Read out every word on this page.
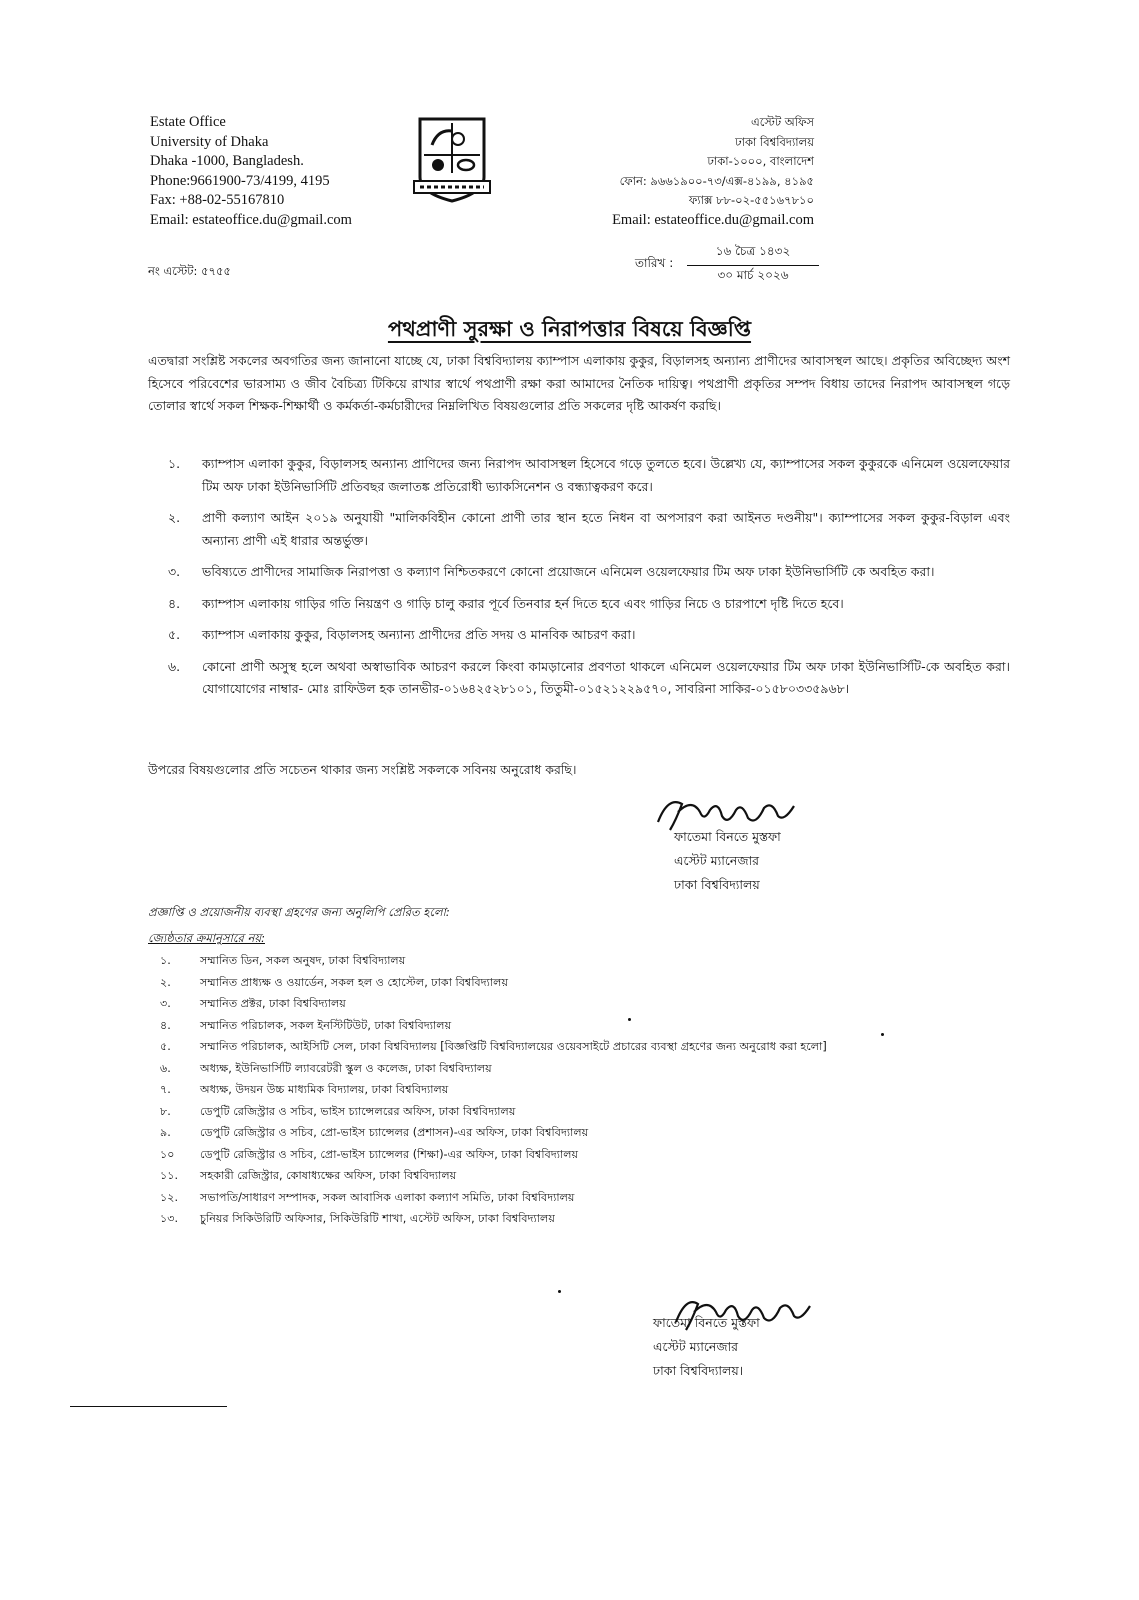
Estate Office
University of Dhaka
Dhaka -1000, Bangladesh.
Phone:9661900-73/4199, 4195
Fax: +88-02-55167810
Email: estateoffice.du@gmail.com
এস্টেট অফিস
ঢাকা বিশ্ববিদ্যালয়
ঢাকা-১০০০, বাংলাদেশ
ফোন: ৯৬৬১৯০০-৭৩/এক্স-৪১৯৯, ৪১৯৫
ফ্যাক্স ৮৮-০২-৫৫১৬৭৮১০
Email: estateoffice.du@gmail.com
নং এস্টেট: ৫৭৫৫
তারিখ :
১৬ চৈত্র ১৪৩২
৩০ মার্চ ২০২৬
পথপ্রাণী সুরক্ষা ও নিরাপত্তার বিষয়ে বিজ্ঞপ্তি
এতদ্বারা সংশ্লিষ্ট সকলের অবগতির জন্য জানানো যাচ্ছে যে, ঢাকা বিশ্ববিদ্যালয় ক্যাম্পাস এলাকায় কুকুর, বিড়ালসহ অন্যান্য প্রাণীদের আবাসস্থল আছে। প্রকৃতির অবিচ্ছেদ্য অংশ হিসেবে পরিবেশের ভারসাম্য ও জীব বৈচিত্র্য টিকিয়ে রাখার স্বার্থে পথপ্রাণী রক্ষা করা আমাদের নৈতিক দায়িত্ব। পথপ্রাণী প্রকৃতির সম্পদ বিধায় তাদের নিরাপদ আবাসস্থল গড়ে তোলার স্বার্থে সকল শিক্ষক-শিক্ষার্থী ও কর্মকর্তা-কর্মচারীদের নিম্নলিখিত বিষয়গুলোর প্রতি সকলের দৃষ্টি আকর্ষণ করছি।
১. ক্যাম্পাস এলাকা কুকুর, বিড়ালসহ অন্যান্য প্রাণিদের জন্য নিরাপদ আবাসস্থল হিসেবে গড়ে তুলতে হবে। উল্লেখ্য যে, ক্যাম্পাসের সকল কুকুরকে এনিমেল ওয়েলফেয়ার টিম অফ ঢাকা ইউনিভার্সিটি প্রতিবছর জলাতঙ্ক প্রতিরোধী ভ্যাকসিনেশন ও বন্ধ্যাত্বকরণ করে।
২. প্রাণী কল্যাণ আইন ২০১৯ অনুযায়ী "মালিকবিহীন কোনো প্রাণী তার স্থান হতে নিধন বা অপসারণ করা আইনত দণ্ডনীয়"। ক্যাম্পাসের সকল কুকুর-বিড়াল এবং অন্যান্য প্রাণী এই ধারার অন্তর্ভুক্ত।
৩. ভবিষ্যতে প্রাণীদের সামাজিক নিরাপত্তা ও কল্যাণ নিশ্চিতকরণে কোনো প্রয়োজনে এনিমেল ওয়েলফেয়ার টিম অফ ঢাকা ইউনিভার্সিটি কে অবহিত করা।
৪. ক্যাম্পাস এলাকায় গাড়ির গতি নিয়ন্ত্রণ ও গাড়ি চালু করার পূর্বে তিনবার হর্ন দিতে হবে এবং গাড়ির নিচে ও চারপাশে দৃষ্টি দিতে হবে।
৫. ক্যাম্পাস এলাকায় কুকুর, বিড়ালসহ অন্যান্য প্রাণীদের প্রতি সদয় ও মানবিক আচরণ করা।
৬. কোনো প্রাণী অসুস্থ হলে অথবা অস্বাভাবিক আচরণ করলে কিংবা কামড়ানোর প্রবণতা থাকলে এনিমেল ওয়েলফেয়ার টিম অফ ঢাকা ইউনিভার্সিটি-কে অবহিত করা। যোগাযোগের নাম্বার- মোঃ রাফিউল হক তানভীর-০১৬৪২৫২৮১০১, তিতুমী-০১৫২১২২৯৫৭০, সাবরিনা সাকির-০১৫৮০৩৩৫৯৬৮।
উপরের বিষয়গুলোর প্রতি সচেতন থাকার জন্য সংশ্লিষ্ট সকলকে সবিনয় অনুরোধ করছি।
ফাতেমা বিনতে মুস্তফা
এস্টেট ম্যানেজার
ঢাকা বিশ্ববিদ্যালয়
প্রজ্ঞাপ্তি ও প্রয়োজনীয় ব্যবস্থা গ্রহণের জন্য অনুলিপি প্রেরিত হলো:
জ্যেষ্ঠতার ক্রমানুসারে নয়:
১.	সম্মানিত ডিন, সকল অনুষদ, ঢাকা বিশ্ববিদ্যালয়
২.	সম্মানিত প্রাধ্যক্ষ ও ওয়ার্ডেন, সকল হল ও হোস্টেল, ঢাকা বিশ্ববিদ্যালয়
৩.	সম্মানিত প্রক্টর, ঢাকা বিশ্ববিদ্যালয়
৪.	সম্মানিত পরিচালক, সকল ইনস্টিটিউট, ঢাকা বিশ্ববিদ্যালয়
৫.	সম্মানিত পরিচালক, আইসিটি সেল, ঢাকা বিশ্ববিদ্যালয় [বিজ্ঞপ্তিটি বিশ্ববিদ্যালয়ের ওয়েবসাইটে প্রচারের ব্যবস্থা গ্রহণের জন্য অনুরোধ করা হলো]
৬.	অধ্যক্ষ, ইউনিভার্সিটি ল্যাবরেটরী স্কুল ও কলেজ, ঢাকা বিশ্ববিদ্যালয়
৭.	অধ্যক্ষ, উদয়ন উচ্চ মাধ্যমিক বিদ্যালয়, ঢাকা বিশ্ববিদ্যালয়
৮.	ডেপুটি রেজিস্ট্রার ও সচিব, ভাইস চ্যান্সেলরের অফিস, ঢাকা বিশ্ববিদ্যালয়
৯.	ডেপুটি রেজিস্ট্রার ও সচিব, প্রো-ভাইস চ্যান্সেলর (প্রশাসন)-এর অফিস, ঢাকা বিশ্ববিদ্যালয়
১০ ডেপুটি রেজিস্ট্রার ও সচিব, প্রো-ভাইস চ্যান্সেলর (শিক্ষা)-এর অফিস, ঢাকা বিশ্ববিদ্যালয়
১১. সহকারী রেজিস্ট্রার, কোষাধ্যক্ষের অফিস, ঢাকা বিশ্ববিদ্যালয়
১২. সভাপতি/সাধারণ সম্পাদক, সকল আবাসিক এলাকা কল্যাণ সমিতি, ঢাকা বিশ্ববিদ্যালয়
১৩. চুনিয়র সিকিউরিটি অফিসার, সিকিউরিটি শাখা, এস্টেট অফিস, ঢাকা বিশ্ববিদ্যালয়
ফাতেমা বিনতে মুস্তফা
এস্টেট ম্যানেজার
ঢাকা বিশ্ববিদ্যালয়।
